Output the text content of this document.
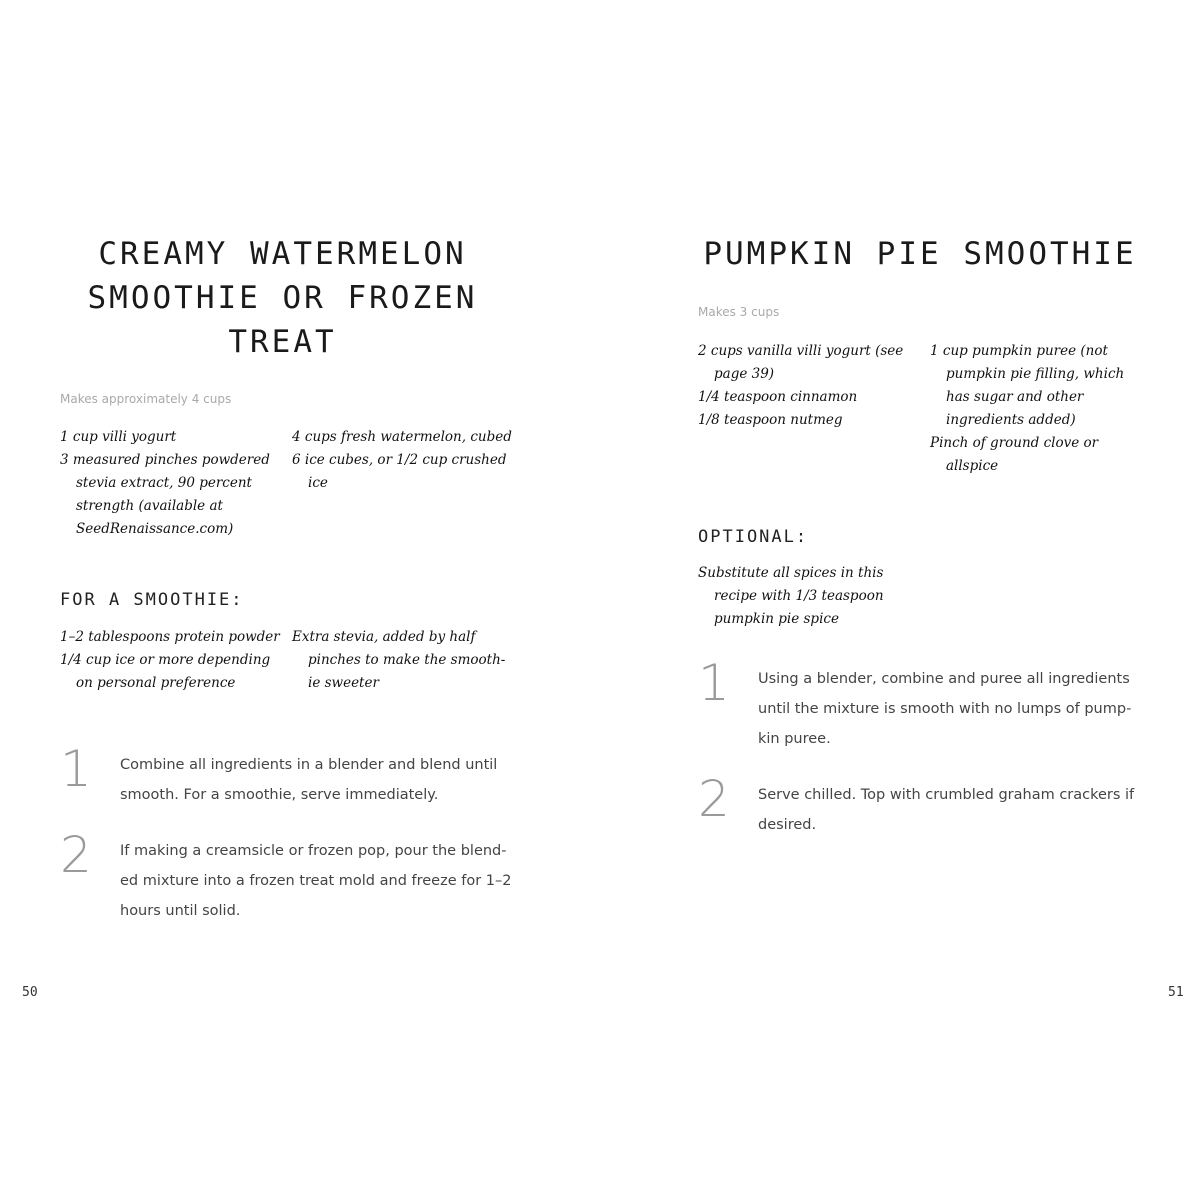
CREAMY WATERMELON
SMOOTHIE OR FROZEN
TREAT

Makes approximately 4 cups

1 cup villi yogurt
3 measured pinches powdered stevia extract, 90 percent strength (available at SeedRenaissance.com)
4 cups fresh watermelon, cubed
6 ice cubes, or 1/2 cup crushed ice
FOR A SMOOTHIE:
1–2 tablespoons protein powder
1/4 cup ice or more depending on personal preference
Extra stevia, added by half pinches to make the smooth-ie sweeter
1 Combine all ingredients in a blender and blend until smooth. For a smoothie, serve immediately.
2 If making a creamsicle or frozen pop, pour the blend-ed mixture into a frozen treat mold and freeze for 1–2 hours until solid.
50
PUMPKIN PIE SMOOTHIE

Makes 3 cups

2 cups vanilla villi yogurt (see page 39)
1/4 teaspoon cinnamon
1/8 teaspoon nutmeg
1 cup pumpkin puree (not pumpkin pie filling, which has sugar and other ingredients added)
Pinch of ground clove or allspice
OPTIONAL:
Substitute all spices in this recipe with 1/3 teaspoon pumpkin pie spice
1 Using a blender, combine and puree all ingredients until the mixture is smooth with no lumps of pump-kin puree.
2 Serve chilled. Top with crumbled graham crackers if desired.
51
